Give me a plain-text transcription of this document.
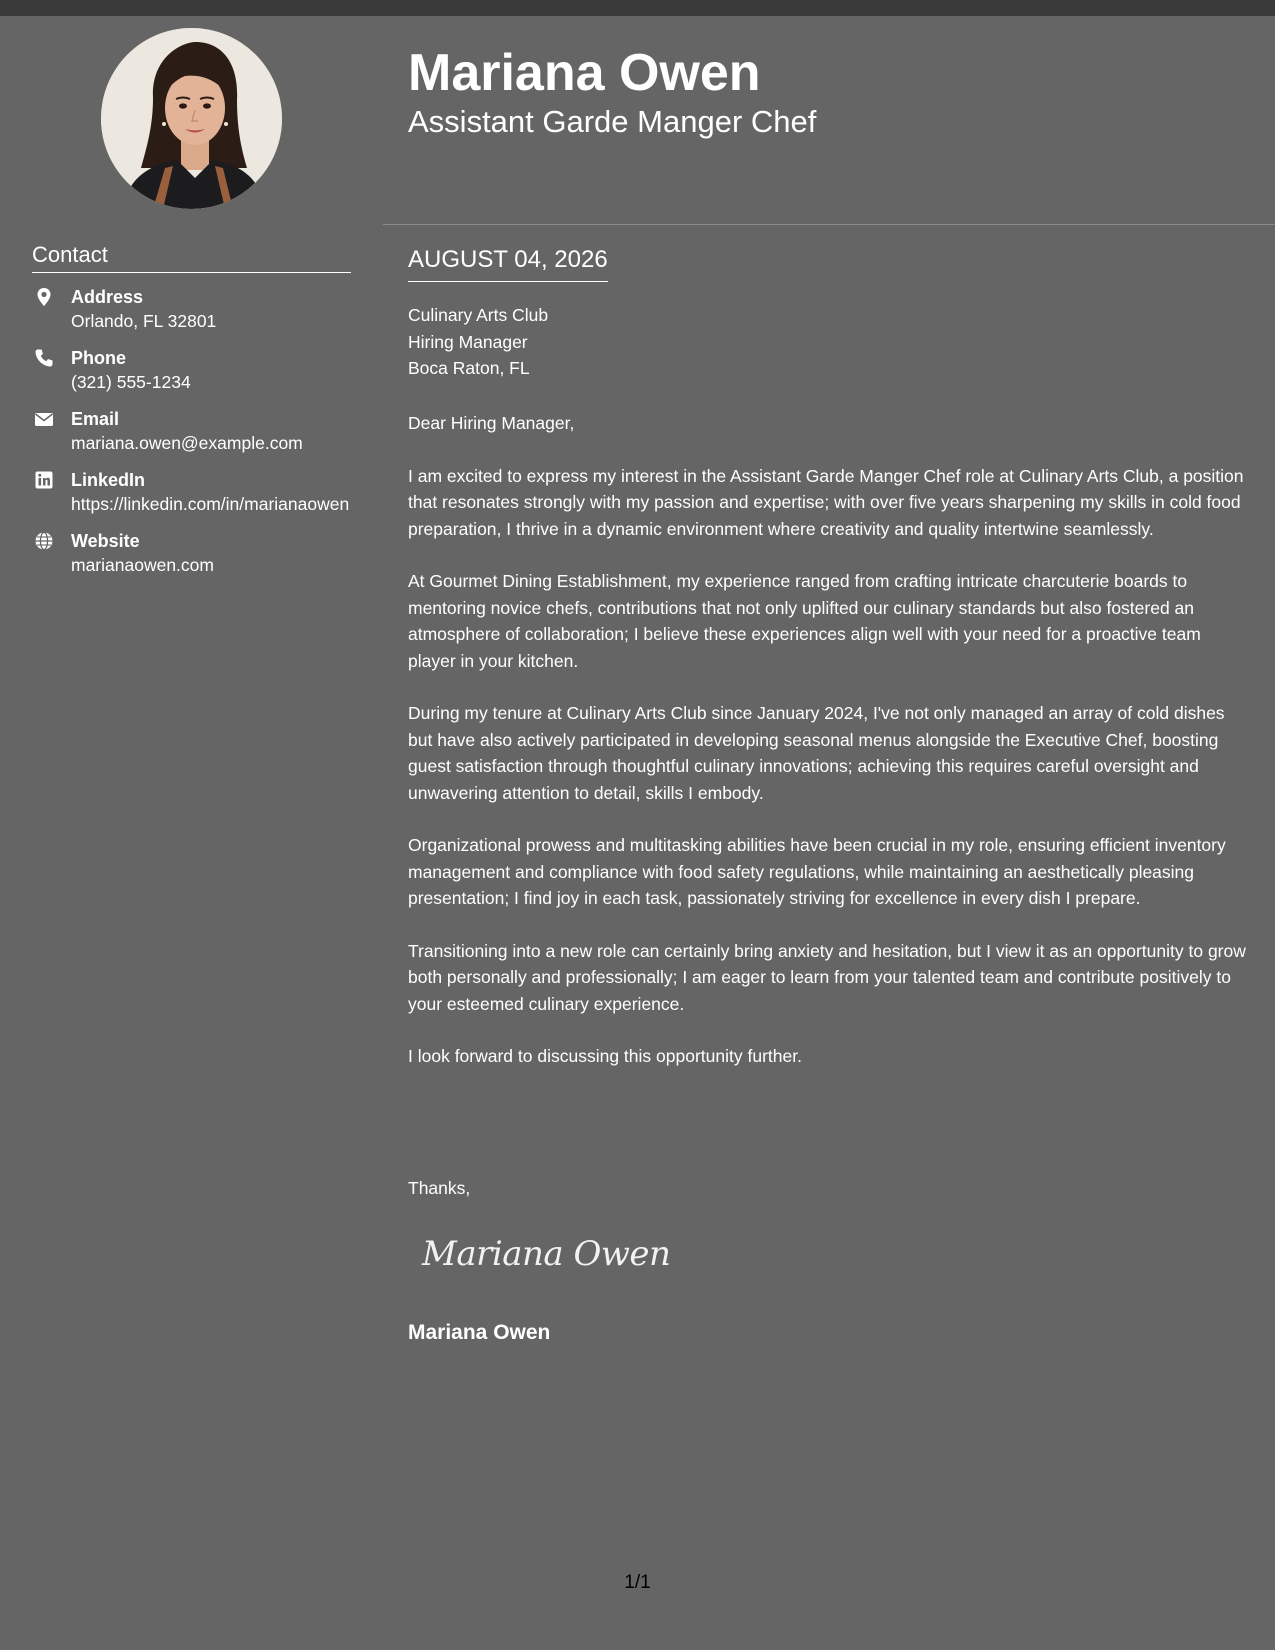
Contact
Address
Orlando, FL 32801
Phone
(321) 555-1234
Email
mariana.owen@example.com
LinkedIn
https://linkedin.com/in/marianaowen
Website
marianaowen.com
Mariana Owen
Assistant Garde Manger Chef
AUGUST 04, 2026
Culinary Arts Club
Hiring Manager
Boca Raton, FL

Dear Hiring Manager,

I am excited to express my interest in the Assistant Garde Manger Chef role at Culinary Arts Club, a position that resonates strongly with my passion and expertise; with over five years sharpening my skills in cold food preparation, I thrive in a dynamic environment where creativity and quality intertwine seamlessly.

At Gourmet Dining Establishment, my experience ranged from crafting intricate charcuterie boards to mentoring novice chefs, contributions that not only uplifted our culinary standards but also fostered an atmosphere of collaboration; I believe these experiences align well with your need for a proactive team player in your kitchen.

During my tenure at Culinary Arts Club since January 2024, I've not only managed an array of cold dishes but have also actively participated in developing seasonal menus alongside the Executive Chef, boosting guest satisfaction through thoughtful culinary innovations; achieving this requires careful oversight and unwavering attention to detail, skills I embody.

Organizational prowess and multitasking abilities have been crucial in my role, ensuring efficient inventory management and compliance with food safety regulations, while maintaining an aesthetically pleasing presentation; I find joy in each task, passionately striving for excellence in every dish I prepare.

Transitioning into a new role can certainly bring anxiety and hesitation, but I view it as an opportunity to grow both personally and professionally; I am eager to learn from your talented team and contribute positively to your esteemed culinary experience.

I look forward to discussing this opportunity further.

Thanks,
Mariana Owen
Mariana Owen
1/1
